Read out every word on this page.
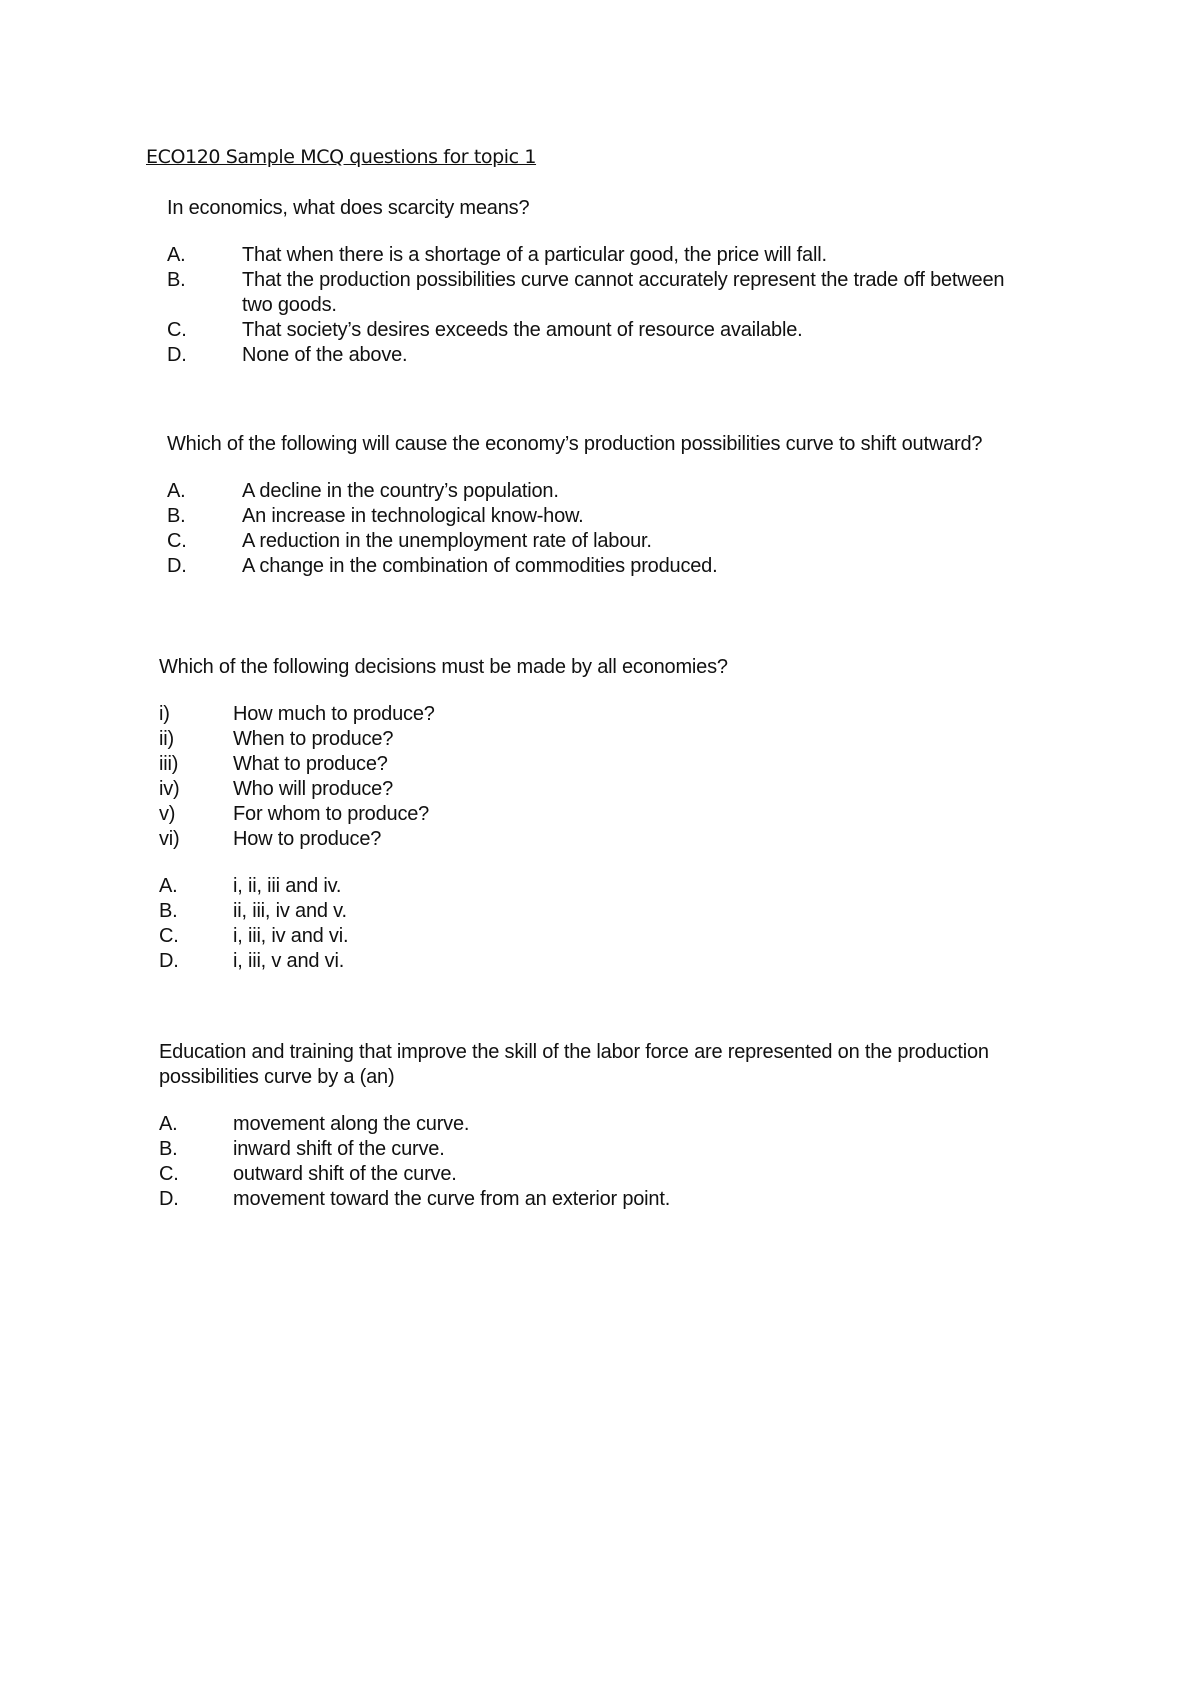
ECO120 Sample MCQ questions for topic 1

In economics, what does scarcity means?

A.	That when there is a shortage of a particular good, the price will fall.
B.	That the production possibilities curve cannot accurately represent the trade off between two goods.
C.	That society’s desires exceeds the amount of resource available.
D.	None of the above.

Which of the following will cause the economy’s production possibilities curve to shift outward?

A.	A decline in the country’s population.
B.	An increase in technological know-how.
C.	A reduction in the unemployment rate of labour.
D.	A change in the combination of commodities produced.

Which of the following decisions must be made by all economies?

i)	How much to produce?
ii)	When to produce?
iii)	What to produce?
iv)	Who will produce?
v)	For whom to produce?
vi)	How to produce?
A.	i, ii, iii and iv.
B.	ii, iii, iv and v.
C.	i, iii, iv and vi.
D.	i, iii, v and vi.

Education and training that improve the skill of the labor force are represented on the production possibilities curve by a (an)

A.	movement along the curve.
B.	inward shift of the curve.
C.	outward shift of the curve.
D.	movement toward the curve from an exterior point.
